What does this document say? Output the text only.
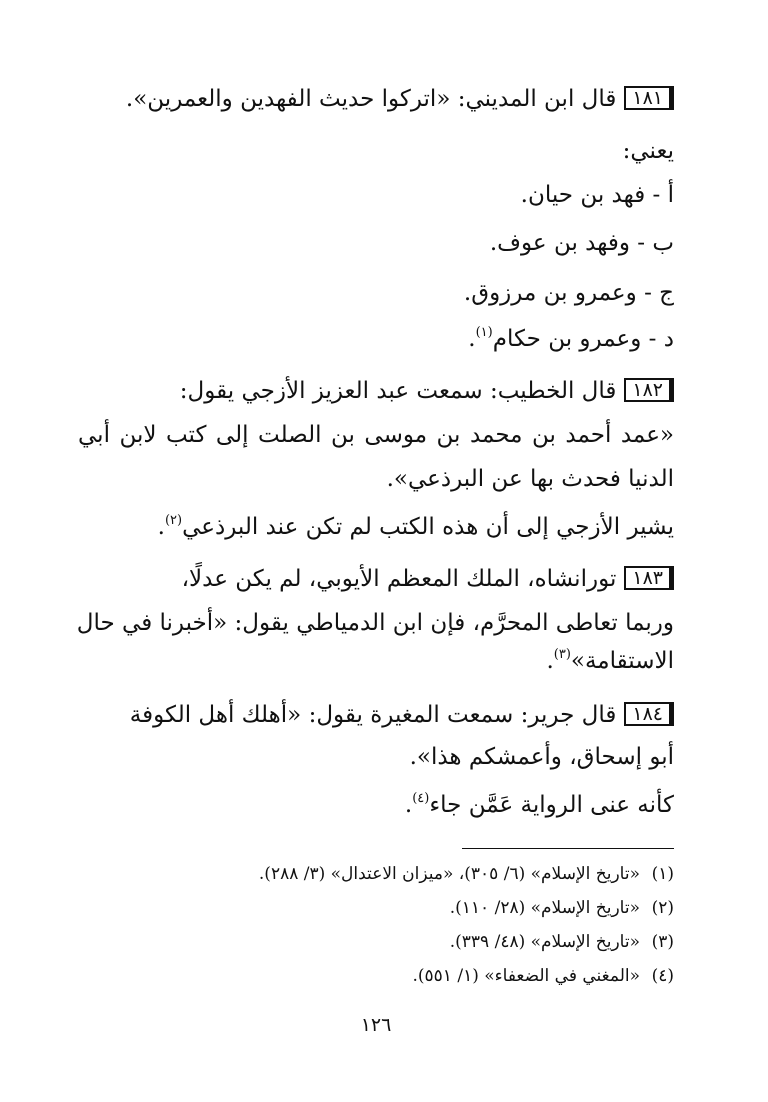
١٨١قال ابن المديني: «اتركوا حديث الفهدين والعمرين».
يعني:
أ - فهد بن حيان.
ب - وفهد بن عوف.
ج - وعمرو بن مرزوق.
د - وعمرو بن حكام$^{(١)}$.
١٨٢قال الخطيب: سمعت عبد العزيز الأزجي يقول:
«عمد أحمد بن محمد بن موسى بن الصلت إلى كتب لابن أبي
الدنيا فحدث بها عن البرذعي».
يشير الأزجي إلى أن هذه الكتب لم تكن عند البرذعي$^{(٢)}$.
١٨٣تورانشاه، الملك المعظم الأيوبي، لم يكن عدلًا،
وربما تعاطى المحرَّم، فإن ابن الدمياطي يقول: «أخبرنا في حال
الاستقامة»$^{(٣)}$.
١٨٤قال جرير: سمعت المغيرة يقول: «أهلك أهل الكوفة
أبو إسحاق، وأعمشكم هذا».
كأنه عنى الرواية عَمَّن جاء$^{(٤)}$.
(١)«تاريخ الإسلام» (٦/ ٣٠٥)، «ميزان الاعتدال» (٣/ ٢٨٨).
(٢)«تاريخ الإسلام» (٢٨/ ١١٠).
(٣)«تاريخ الإسلام» (٤٨/ ٣٣٩).
(٤)«المغني في الضعفاء» (١/ ٥٥١).
١٢٦
